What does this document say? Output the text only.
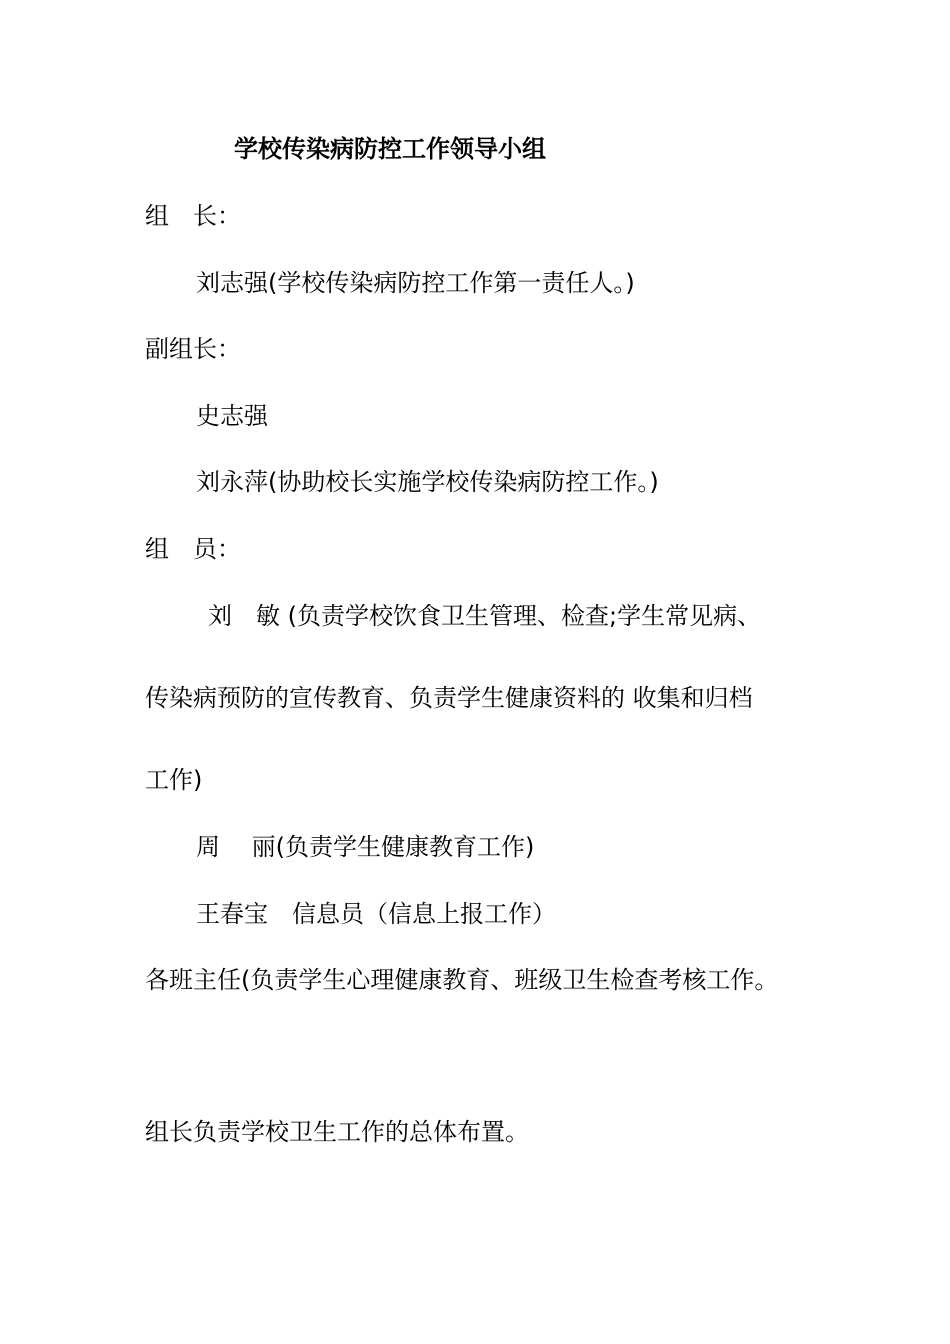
学校传染病防控工作领导小组
组　长：
刘志强(学校传染病防控工作第一责任人。)
副组长：
史志强
刘永萍(协助校长实施学校传染病防控工作。)
组　员：
刘　敏 (负责学校饮食卫生管理、检查;学生常见病、
传染病预防的宣传教育、负责学生健康资料的 收集和归档
工作)
周　 丽(负责学生健康教育工作)
王春宝　信息员（信息上报工作）
各班主任(负责学生心理健康教育、班级卫生检查考核工作。
组长负责学校卫生工作的总体布置。
